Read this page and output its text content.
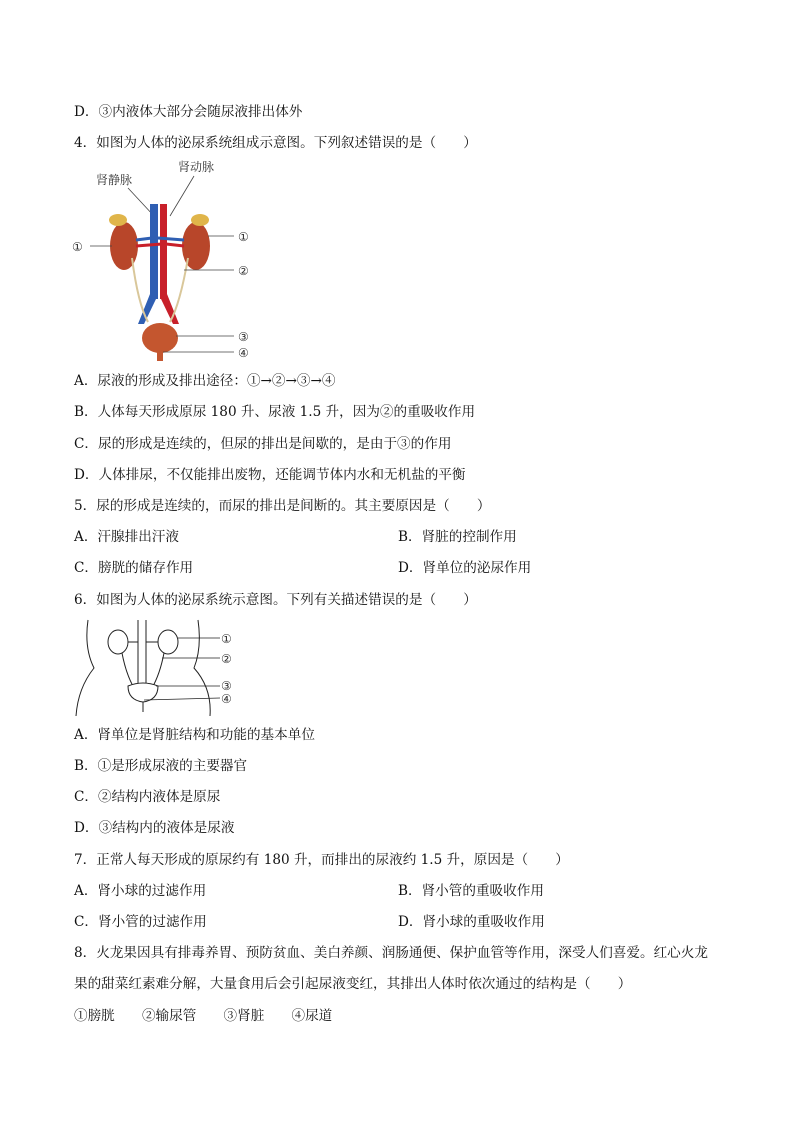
D．③内液体大部分会随尿液排出体外
4．如图为人体的泌尿系统组成示意图。下列叙述错误的是（　　）
肾静脉
肾动脉
①
①
②
③
④
A．尿液的形成及排出途径：①→②→③→④
B．人体每天形成原尿 180 升、尿液 1.5 升，因为②的重吸收作用
C．尿的形成是连续的，但尿的排出是间歇的，是由于③的作用
D．人体排尿，不仅能排出废物，还能调节体内水和无机盐的平衡
5．尿的形成是连续的，而尿的排出是间断的。其主要原因是（　　）
A．汗腺排出汗液	B．肾脏的控制作用
C．膀胱的储存作用	D．肾单位的泌尿作用
6．如图为人体的泌尿系统示意图。下列有关描述错误的是（　　）
①
②
③
④
A．肾单位是肾脏结构和功能的基本单位
B．①是形成尿液的主要器官
C．②结构内液体是原尿
D．③结构内的液体是尿液
7．正常人每天形成的原尿约有 180 升，而排出的尿液约 1.5 升，原因是（　　）
A．肾小球的过滤作用	B．肾小管的重吸收作用
C．肾小管的过滤作用	D．肾小球的重吸收作用
8．火龙果因具有排毒养胃、预防贫血、美白养颜、润肠通便、保护血管等作用，深受人们喜爱。红心火龙
果的甜菜红素难分解，大量食用后会引起尿液变红，其排出人体时依次通过的结构是（　　）
①膀胱　　②输尿管　　③肾脏　　④尿道
